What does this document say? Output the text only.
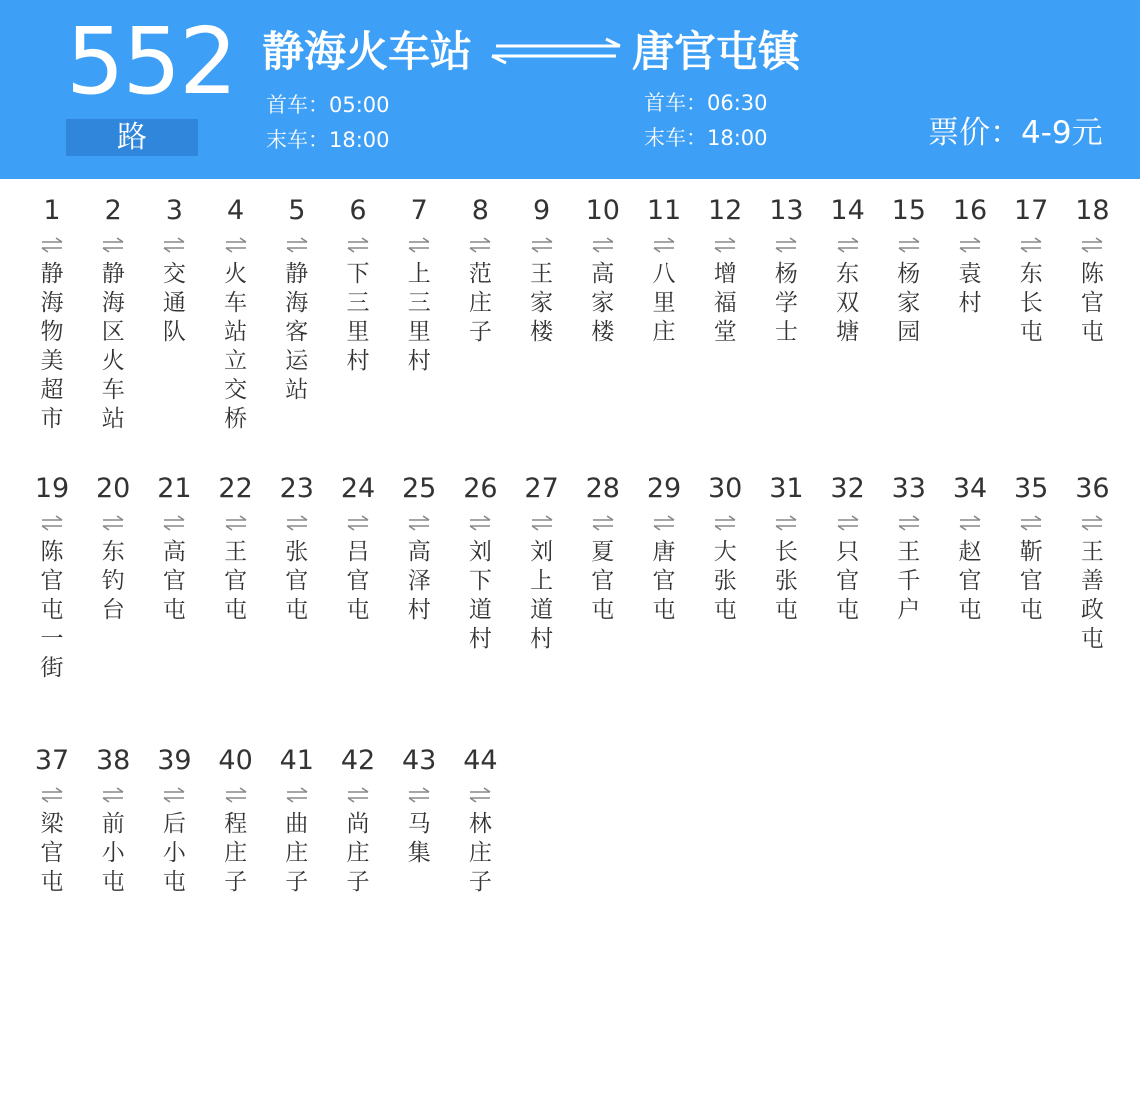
552
路
静海火车站	唐官屯镇
首车：05:00
末车：18:00
首车：06:30
末车：18:00	票价：4-9元
1
静海物美超市
2
静海区火车站
3
交通队
4
火车站立交桥
5
静海客运站
6
下三里村
7
上三里村
8
范庄子
9
王家楼
10
高家楼
11
八里庄
12
增福堂
13
杨学士
14
东双塘
15
杨家园
16
袁村
17
东长屯
18
陈官屯
19
陈官屯一街
20
东钓台
21
高官屯
22
王官屯
23
张官屯
24
吕官屯
25
高泽村
26
刘下道村
27
刘上道村
28
夏官屯
29
唐官屯
30
大张屯
31
长张屯
32
只官屯
33
王千户
34
赵官屯
35
靳官屯
36
王善政屯
37
梁官屯
38
前小屯
39
后小屯
40
程庄子
41
曲庄子
42
尚庄子
43
马集
44
林庄子
